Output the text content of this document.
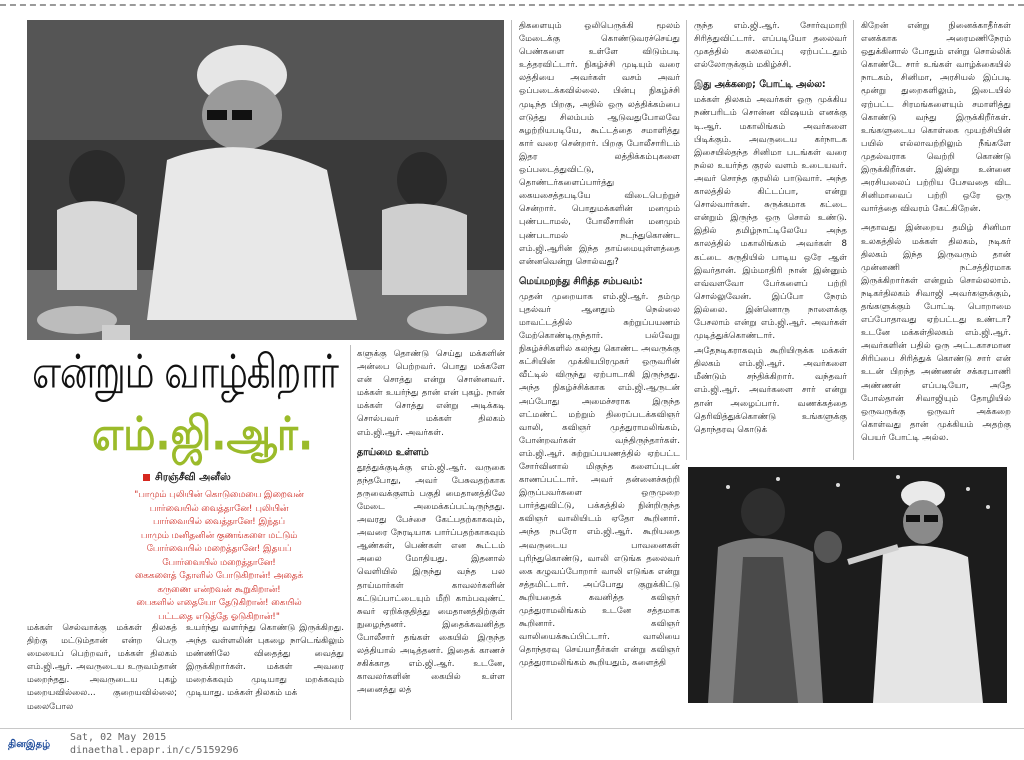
என்றும் வாழ்கிறார்
எம்.ஜி.ஆர்.
சிரஞ்சீவி அனீஸ்
"பாமும் புலியின் கொடுமையை இறைவன்
பார்வையில் வைத்தானே! புலியின்
பார்வையில் வைத்தானே! இந்தப்
பாமும் மனிதனின் குணங்களை மட்டும்
போர்வையில் மறைத்தானே! இதயப்
போர்வையில் மறைத்தானே!
கைகளைத் தோளில் போடுகிறான்! அதைக்
கருணை என்றவன் கூறுகிறான்!
பைகளில் எதையோ தேடுகிறான்! கையில்
பட்டதை எடுத்தே ஓடுகிறான்!"

மக்கள் செல்வாக்கு மக்கள் திலகத் திற்கு மட்டும்தான் என்ற பெரு மையைப் பெற்றவர், மக்கள் திலகம் எம்.ஜி.ஆர். அவருடைய உருவம்தான் மறைந்தது. அவருடைய புகழ் மறையவில்லை... குறையவில்லை; மலைபோல

உயர்ந்து வளர்ந்து கொண்டு இருக்கிறது. அந்த வள்ளலின் புகழை நாடெங்கிலும் மண்ணிலே விதைத்து வைத்து இருக்கிறார்கள். மக்கள் அவரை மறைக்கவும் முடியாது மறக்கவும் முடியாது. மக்கள் திலகம் மக்

களுக்கு தொண்டு செய்து மக்களின் அன்பை பெற்றவர். பொது மக்களே என் சொத்து என்று சொன்னவர். மக்கள் உயர்ந்து தான் என் புகழ். நான் மக்கள் சொத்து என்று அடிக்கடி சொல்பவர் மக்கள் திலகம் எம்.ஜி.ஆர். அவர்கள்.

தாய்மை உள்ளம்

தூத்துக்குடிக்கு எம்.ஜி.ஆர். வருகை தந்தபோது, அவர் பேசுவதற்காக தருவைக்குளம் பகுதி மைதானத்திலே மேடை அமைக்கப்பட்டிருந்தது. அவரது பேச்சை கேட்பதற்காகவும், அவரை நேரடியாக பார்ப்பதற்காகவும் ஆண்கள், பெண்கள் என கூட்டம் அலை மோதியது. இதனால் வெளியில் இருந்து வந்த பல தாய்மார்கள் காவலர்களின் கட்டுப்பாட்டையும் மீறி காம்பவுண்ட் சுவர் ஏறிக்குதித்து மைதானத்திற்குள் நுழைந்தனர். இதைக்கவனித்த போலீசார் தங்கள் கையில் இருந்த லத்தியால் அடித்தனர். இதைக் காணச் சகிக்காத எம்.ஜி.ஆர். உடனே, காவலர்களின் கையில் உள்ள அனைத்து லத்

திகளையும் ஒலிபெருக்கி மூலம் மேடைக்கு கொண்டுவரச்செய்து பெண்களை உள்ளே விடும்படி உத்தரவிட்டார். நிகழ்ச்சி முடியும் வரை லத்தியை அவர்கள் வசம் அவர் ஒப்படைக்கவில்லை. பின்பு நிகழ்ச்சி முடிந்த பிறகு, அதில் ஒரு லத்திக்கம்பை எடுத்து சிலம்பம் ஆடுவதுபோலவே சுழற்றியபடியே, கூட்டத்தை சமாளித்து கார் வரை சென்றார். பிறகு போலீசாரிடம் இதர லத்திக்கம்புகளை ஒப்படைத்துவிட்டு, தொண்டர்களைப்பார்த்து கையசைத்தபடியே விடைபெற்றுச் சென்றார். பொதுமக்களின் மனமும் புண்படாமல், போலீசாரின் மனமும் புண்படாமல் நடந்துகொண்ட எம்.ஜி.ஆரின் இந்த தாய்மையுள்ளத்தை என்னவென்று சொல்வது?

மெய்மறந்து சிரித்த சம்பவம்:

முதன் முறையாக எம்.ஜி.ஆர். தம்மு புதல்வர் ஆனதும் நெல்லை மாவட்டத்தில் சுற்றுப்பயணம் மேற்கொண்டிருந்தார். பல்வேறு நிகழ்ச்சிகளில் கலந்து கொண்ட அவருக்கு கட்சியின் முக்கியபிரமுகர் ஒருவரின் வீட்டில் விருந்து ஏற்பாடாகி இருந்தது. அந்த நிகழ்ச்சிக்காக எம்.ஜி.ஆருடன் அப்போது அமைச்சராக இருந்த எட்மண்ட் மற்றும் திரைப்படக்கவிஞர் வாலி, கவிஞர் முத்துராமலிங்கம், போன்றவர்கள் வந்திருந்தார்கள். எம்.ஜி.ஆர். சுற்றுப்பயணத்தில் ஏற்பட்ட சோர்வினால் மிகுந்த களைப்புடன் காணப்பட்டார். அவர் தன்னைச்சுற்றி இருப்பவர்களை ஒருமுறை பார்த்துவிட்டு, பக்கத்தில் நின்றிருந்த கவிஞர் வாலியிடம் ஏதோ கூறினார். அந்த நபரோ எம்.ஜி.ஆர். கூறியதை அவருடைய பாவனைகள் புரிந்துகொண்டு, வாலி எடுங்க தலைவர் கை கழுவப்போறார் வாலி எடுங்க என்று சத்தமிட்டார். அப்போது குறுக்கிட்டு கூறியதைக் கவனித்த கவிஞர் முத்துராமலிங்கம் உடனே சத்தமாக கூறினார். கவிஞர் வாலியைக்கூப்பிட்டார். வாலியை தொந்தரவு செய்யாதீர்கள் என்று கவிஞர் முத்துராமலிங்கம் கூறியதும், களைத்தி

ருந்த எம்.ஜி.ஆர். சோர்வுமாறி சிரித்துவிட்டார். எப்படியோ தலைவர் முகத்தில் கலகலப்பு ஏற்பட்டதும் எல்லோருக்கும் மகிழ்ச்சி.

இது அக்கறை; போட்டி அல்ல:

மக்கள் திலகம் அவர்கள் ஒரு முக்கிய நண்பரிடம் சொன்ன விஷயம் எனக்கு டி.ஆர். மகாலிங்கம் அவர்களை பிடிக்கும். அவருடைய கர்நாடக இசையில்தந்த சினிமா படங்கள் வரை நல்ல உயர்ந்த குரல் வளம் உடையவர். அவர் சொந்த குரலில் பாடுவார். அந்த காலத்தில் கிட்டப்பா, என்று சொல்வார்கள். சுருக்கமாக கட்டை என்றும் இருந்த ஒரு சொல் உண்டு. இதில் தமிழ்நாட்டிலேயே அந்த காலத்தில் மகாலிங்கம் அவர்கள் 8 கட்டை சுருதியில் பாடிய ஒரே ஆள் இவர்தான். இம்மாதிரி நான் இன்னும் எவ்வளவோ பேர்களைப் பற்றி சொல்லுவேன். இப்போ நேரம் இல்லை. இன்னொரு நாளைக்கு பேசலாம் என்று எம்.ஜி.ஆர். அவர்கள் முடித்துக்கொண்டார்.

அதேநடிகராகவும் கூறியிருக்க மக்கள் திலகம் எம்.ஜி.ஆர். அவர்களை மீண்டும் சந்திக்கிறார். வந்தவர் எம்.ஜி.ஆர். அவர்களை சார் என்று தான் அழைப்பார். வணக்கத்தை தெரிவித்துக்கொண்டு உங்களுக்கு தொந்தரவு கொடுக்

கிறேன் என்று நினைக்காதீர்கள் எனக்காக அரைமணிநேரம் ஒதுக்கினால் போதும் என்று சொல்லிக் கொண்டே சார் உங்கள் வாழ்க்கையில் நாடகம், சினிமா, அரசியல் இப்படி மூன்று துறைகளிலும், இடையில் ஏற்பட்ட சிரமங்களையும் சமாளித்து கொண்டு வந்து இருக்கிறீர்கள். உங்களுடைய கொள்கை முயற்சியின் பயில் எல்லாவற்றிலும் நீங்களே முதல்வராக வெற்றி கொண்டு இருக்கிறீர்கள். இன்று உன்னை அரசியலைப் பற்றிய பேசவதை விட சினிமாவைப் பற்றி ஒரே ஒரு வார்த்தை விவரம் கேட்கிறேன்.

அதாவது இன்றைய தமிழ் சினிமா உலகத்தில் மக்கள் திலகம், நடிகர் திலகம் இந்த இருவரும் தான் முன்னணி நட்சத்திரமாக இருக்கிறார்கள் என்றும் சொல்லலாம். நடிகர்திலகம் சிவாஜி அவர்களுக்கும், தங்களுக்கும் போட்டி பொறாமை எப்போதாவது ஏற்பட்டது உண்டா? உடனே மக்கள்திலகம் எம்.ஜி.ஆர். அவர்களின் பதில் ஒரு அட்டகாசமான சிரிப்பை சிரித்துக் கொண்டு சார் என் உடன் பிறந்த அண்ணன் சக்கரபாணி அண்ணன் எப்படியோ, அதே போல்தான் சிவாஜியும் தோழியில் ஒருவருக்கு ஒருவர் அக்கறை கொள்வது தான் முக்கியம் அதற்கு பெயர் போட்டி அல்ல.

தினஇதழ்
Sat, 02 May 2015
dinaethal.epapr.in/c/5159296
